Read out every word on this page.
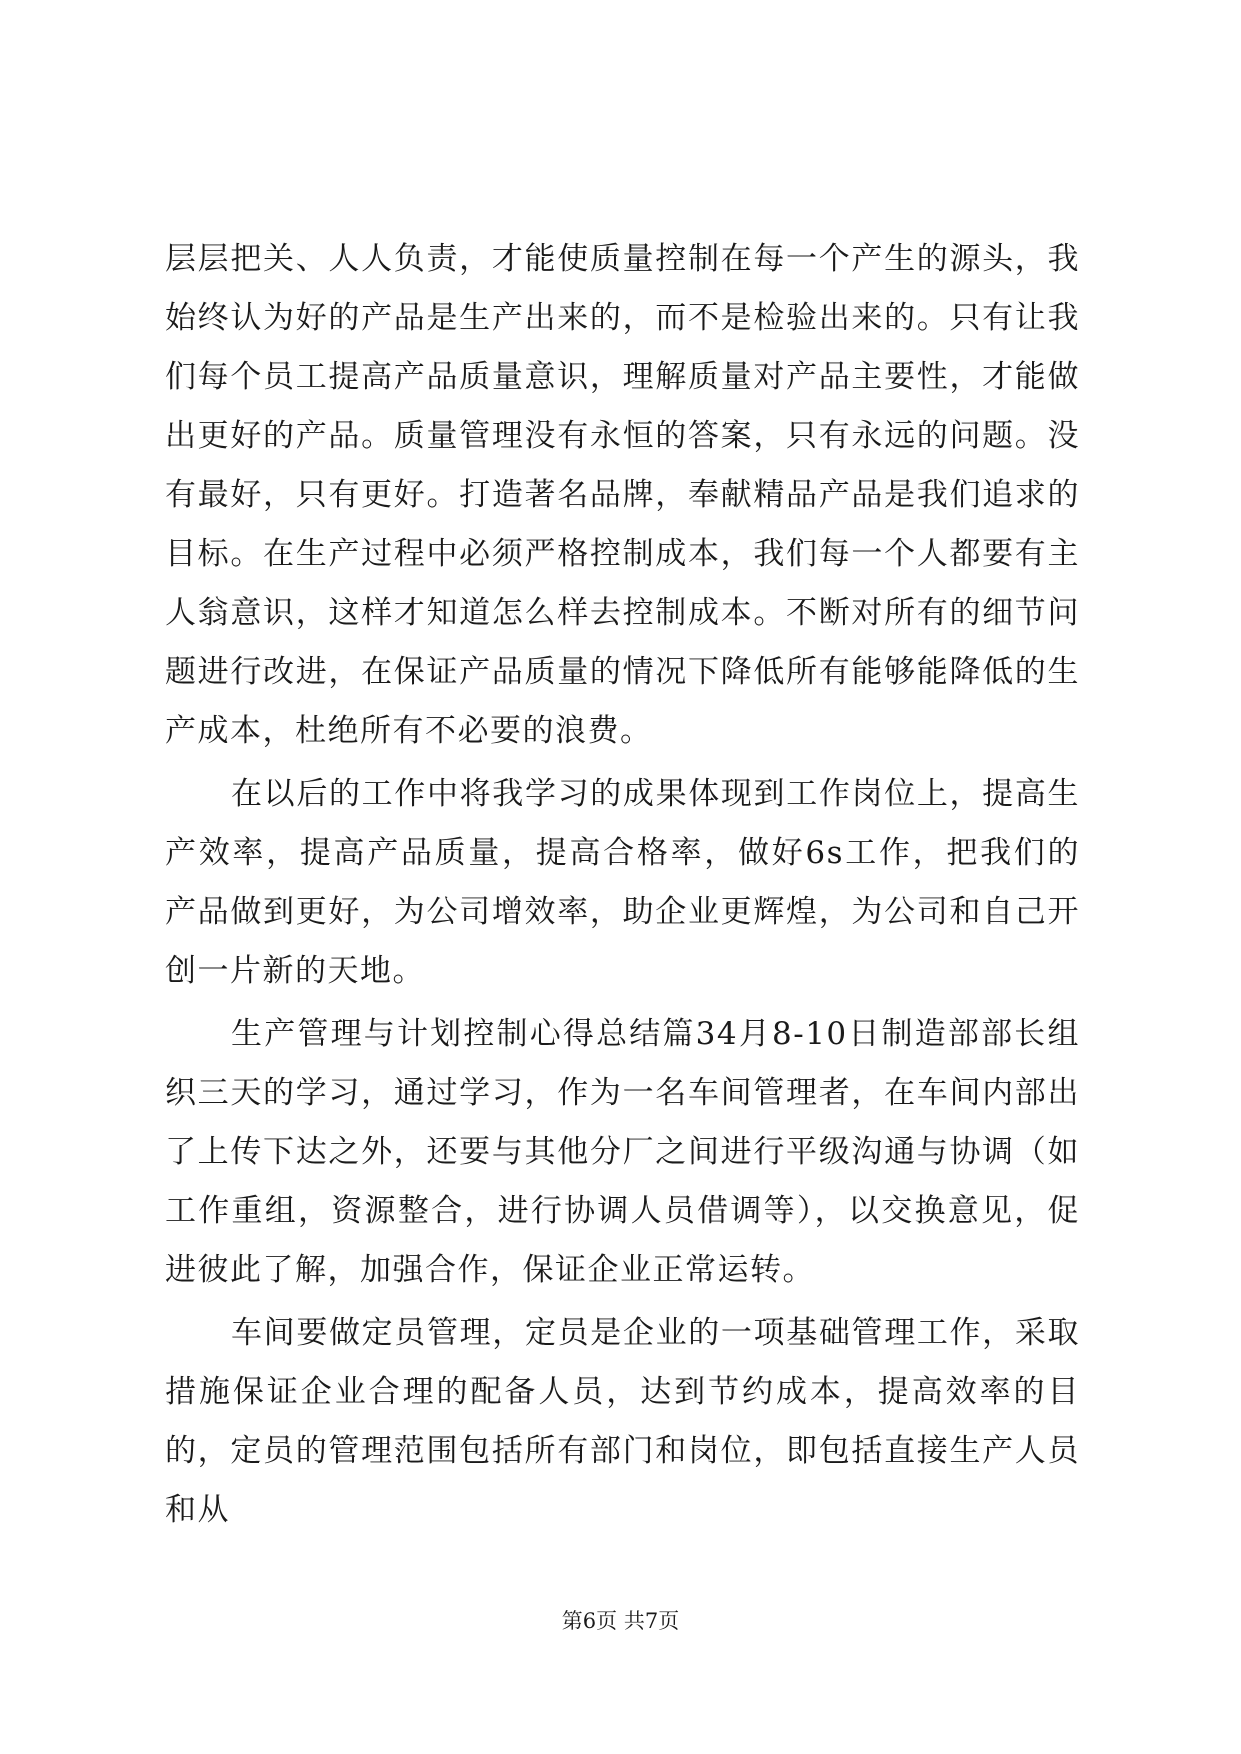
层层把关、人人负责，才能使质量控制在每一个产生的源头，我始终认为好的产品是生产出来的，而不是检验出来的。只有让我们每个员工提高产品质量意识，理解质量对产品主要性，才能做出更好的产品。质量管理没有永恒的答案，只有永远的问题。没有最好，只有更好。打造著名品牌，奉献精品产品是我们追求的目标。在生产过程中必须严格控制成本，我们每一个人都要有主人翁意识，这样才知道怎么样去控制成本。不断对所有的细节问题进行改进，在保证产品质量的情况下降低所有能够能降低的生产成本，杜绝所有不必要的浪费。

在以后的工作中将我学习的成果体现到工作岗位上，提高生产效率，提高产品质量，提高合格率，做好6s工作，把我们的产品做到更好，为公司增效率，助企业更辉煌，为公司和自己开创一片新的天地。

生产管理与计划控制心得总结篇34月8-10日制造部部长组织三天的学习，通过学习，作为一名车间管理者，在车间内部出了上传下达之外，还要与其他分厂之间进行平级沟通与协调（如工作重组，资源整合，进行协调人员借调等），以交换意见，促进彼此了解，加强合作，保证企业正常运转。

车间要做定员管理，定员是企业的一项基础管理工作，采取措施保证企业合理的配备人员，达到节约成本，提高效率的目的，定员的管理范围包括所有部门和岗位，即包括直接生产人员和从

第6页 共7页
